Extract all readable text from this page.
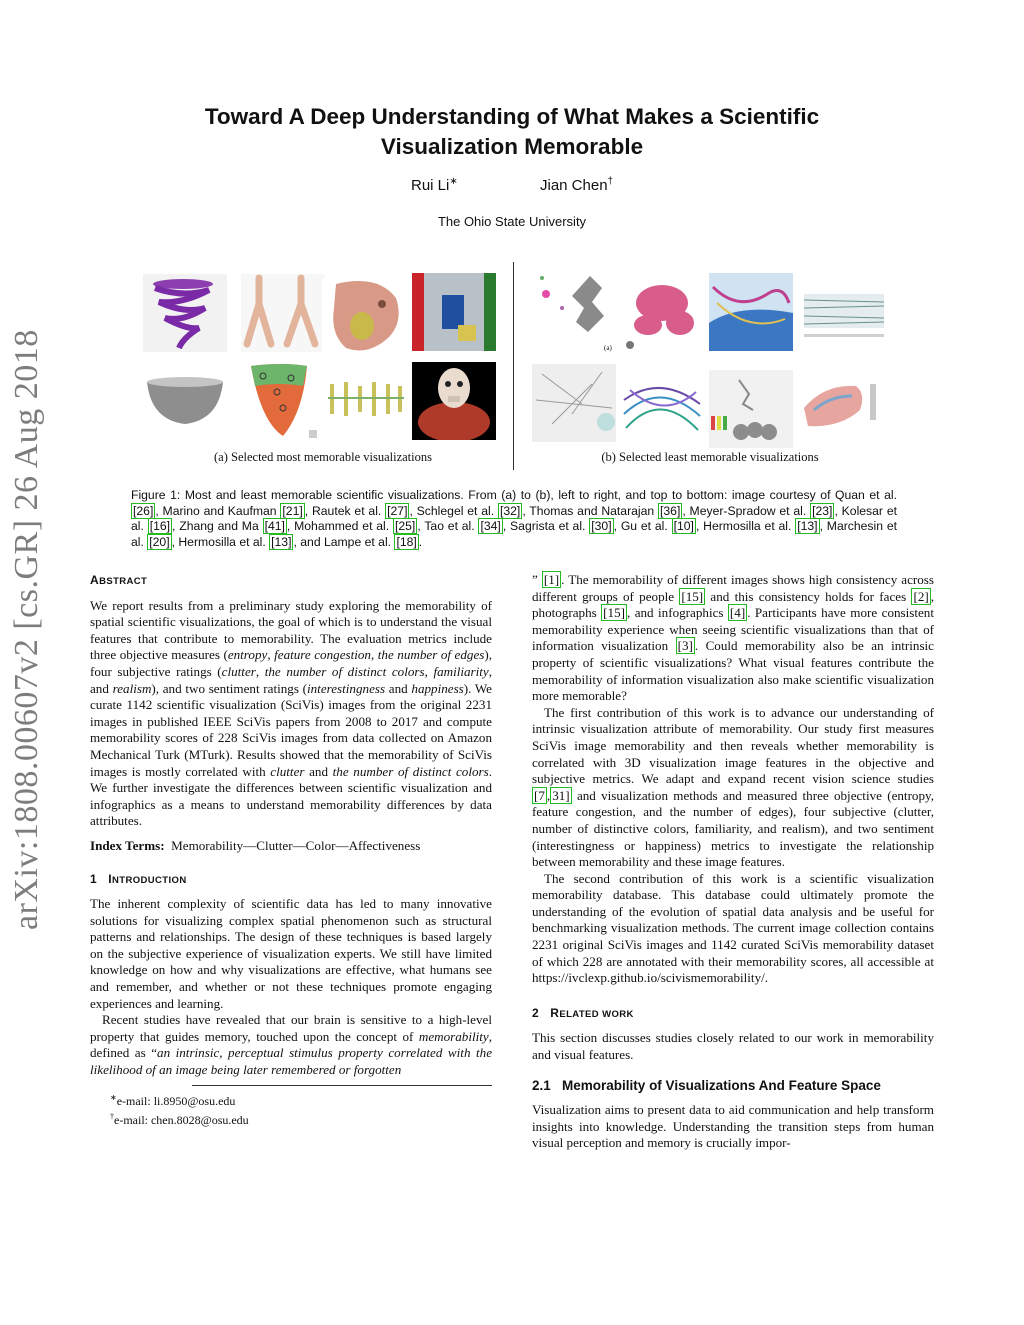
arXiv:1808.00607v2 [cs.GR] 26 Aug 2018
Toward A Deep Understanding of What Makes a Scientific
Visualization Memorable
Rui Li∗	Jian Chen†
The Ohio State University
(a)
(a) Selected most memorable visualizations	(b) Selected least memorable visualizations
Figure 1: Most and least memorable scientific visualizations. From (a) to (b), left to right, and top to bottom: image courtesy of Quan et al. [26] , Marino and Kaufman [21] , Rautek et al. [27] , Schlegel et al. [32] , Thomas and Natarajan [36] , Meyer-Spradow et al. [23] , Kolesar et al. [16] , Zhang and Ma [41] , Mohammed et al. [25] , Tao et al. [34] , Sagrista et al. [30] , Gu et al. [10] , Hermosilla et al. [13] , Marchesin et al. [20] , Hermosilla et al. [13] , and Lampe et al. [18] .

ABSTRACT

We report results from a preliminary study exploring the memorability of spatial scientific visualizations, the goal of which is to understand the visual features that contribute to memorability. The evaluation metrics include three objective measures (entropy, feature congestion, the number of edges), four subjective ratings (clutter, the number of distinct colors, familiarity, and realism), and two sentiment ratings (interestingness and happiness). We curate 1142 scientific visualization (SciVis) images from the original 2231 images in published IEEE SciVis papers from 2008 to 2017 and compute memorability scores of 228 SciVis images from data collected on Amazon Mechanical Turk (MTurk). Results showed that the memorability of SciVis images is mostly correlated with clutter and the number of distinct colors. We further investigate the differences between scientific visualization and infographics as a means to understand memorability differences by data attributes.

Index Terms: Memorability—Clutter—Color—Affectiveness

1 INTRODUCTION

The inherent complexity of scientific data has led to many innovative solutions for visualizing complex spatial phenomenon such as structural patterns and relationships. The design of these techniques is based largely on the subjective experience of visualization experts. We still have limited knowledge on how and why visualizations are effective, what humans see and remember, and whether or not these techniques promote engaging experiences and learning.

Recent studies have revealed that our brain is sensitive to a high-level property that guides memory, touched upon the concept of memorability, defined as “an intrinsic, perceptual stimulus property correlated with the likelihood of an image being later remembered or forgotten

∗e-mail: li.8950@osu.edu
†e-mail: chen.8028@osu.edu

” [1] . The memorability of different images shows high consistency across different groups of people [15] and this consistency holds for faces [2] , photographs [15] , and infographics [4] . Participants have more consistent memorability experience when seeing scientific visualizations than that of information visualization [3] . Could memorability also be an intrinsic property of scientific visualizations? What visual features contribute the memorability of information visualization also make scientific visualization more memorable?

The first contribution of this work is to advance our understanding of intrinsic visualization attribute of memorability. Our study first measures SciVis image memorability and then reveals whether memorability is correlated with 3D visualization image features in the objective and subjective metrics. We adapt and expand recent vision science studies [7 , 31] and visualization methods and measured three objective (entropy, feature congestion, and the number of edges), four subjective (clutter, number of distinctive colors, familiarity, and realism), and two sentiment (interestingness or happiness) metrics to investigate the relationship between memorability and these image features.

The second contribution of this work is a scientific visualization memorability database. This database could ultimately promote the understanding of the evolution of spatial data analysis and be useful for benchmarking visualization methods. The current image collection contains 2231 original SciVis images and 1142 curated SciVis memorability dataset of which 228 are annotated with their memorability scores, all accessible at https://ivclexp.github.io/scivismemorability/.

2 RELATED WORK

This section discusses studies closely related to our work in memorability and visual features.

2.1 Memorability of Visualizations And Feature Space

Visualization aims to present data to aid communication and help transform insights into knowledge. Understanding the transition steps from human visual perception and memory is crucially impor-
